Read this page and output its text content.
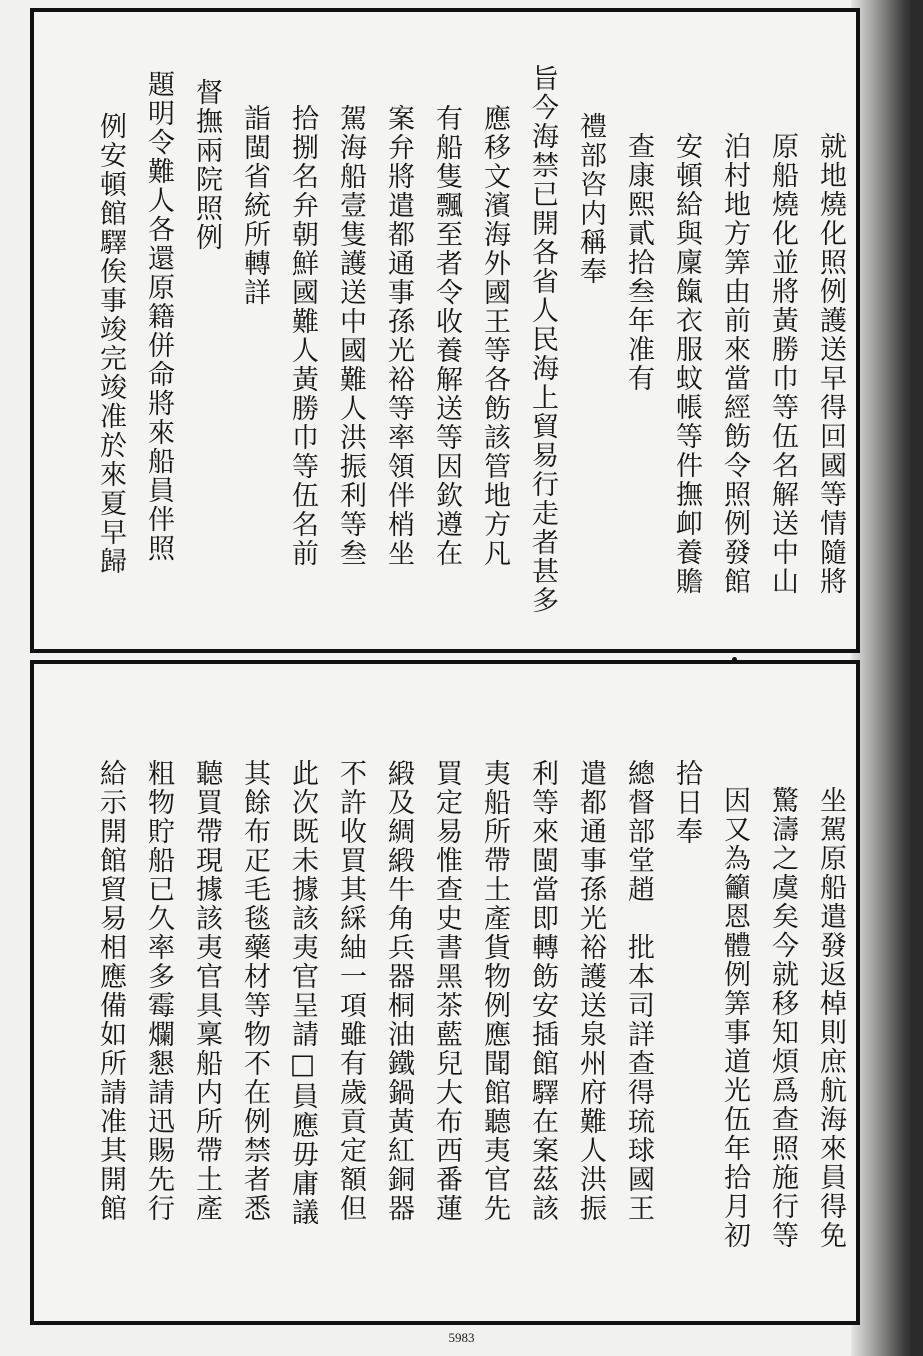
就地燒化照例護送早得回國等情隨將
原船燒化並將黃勝巾等伍名解送中山
泊村地方筭由前來當經飭令照例發館
安頓給與廩餼衣服蚊帳等件撫卹養贍
查康熙貳拾叁年准有
禮部咨内稱奉
旨今海禁已開各省人民海上貿易行走者甚多
應移文濱海外國王等各飭該管地方凡
有船隻飄至者令收養解送等因欽遵在
案弁將遣都通事孫光裕等率領伴梢坐
駕海船壹隻護送中國難人洪振利等叁
拾捌名弁朝鮮國難人黃勝巾等伍名前
詣閩省統所轉詳
督撫兩院照例
題明令難人各還原籍併命將來船員伴照
例安頓館驛俟事竣完竣准於來夏早歸
坐駕原船遣發返棹則庶航海來員得免
驚濤之虞矣今就移知煩爲查照施行等
因又為籲恩體例筭事道光伍年拾月初
拾日奉
總督部堂趙　批本司詳查得琉球國王
遣都通事孫光裕護送泉州府難人洪振
利等來閩當即轉飭安插館驛在案茲該
夷船所帶土產貨物例應聞館聽夷官先
買定易惟查史書黑茶藍兒大布西番蓮
緞及綢緞牛角兵器桐油鐵鍋黃紅銅器
不許收買其綵紬一項雖有歲貢定額但
此次既未據該夷官呈請□員應毋庸議
其餘布疋毛毯藥材等物不在例禁者悉
聽買帶現據該夷官具稟船内所帶土產
粗物貯船已久率多霉爛懇請迅賜先行
給示開館貿易相應備如所請准其開館
5983
